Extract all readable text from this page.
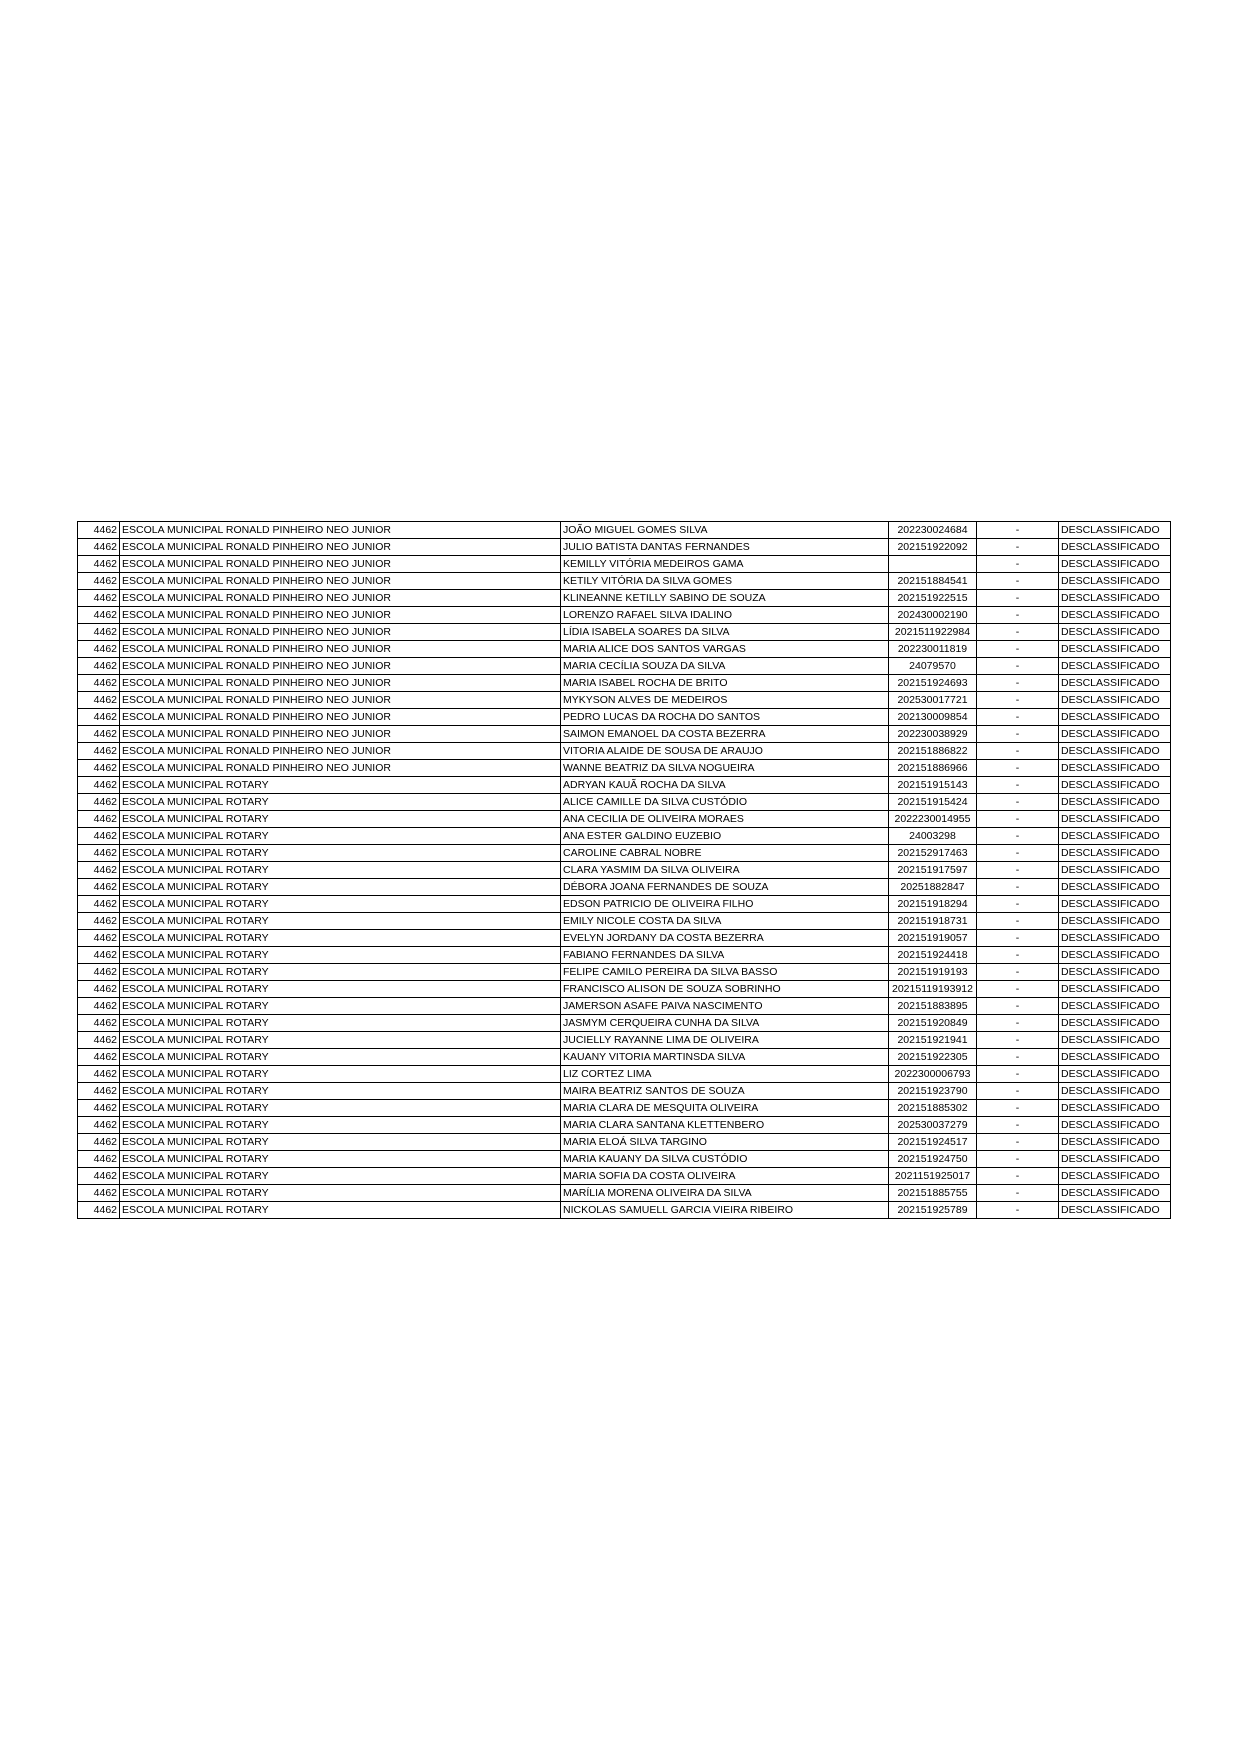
4462	ESCOLA MUNICIPAL RONALD PINHEIRO NEO JUNIOR	JOÃO MIGUEL GOMES SILVA	202230024684	-	DESCLASSIFICADO
4462	ESCOLA MUNICIPAL RONALD PINHEIRO NEO JUNIOR	JULIO BATISTA DANTAS FERNANDES	202151922092	-	DESCLASSIFICADO
4462	ESCOLA MUNICIPAL RONALD PINHEIRO NEO JUNIOR	KEMILLY VITÓRIA MEDEIROS GAMA		-	DESCLASSIFICADO
4462	ESCOLA MUNICIPAL RONALD PINHEIRO NEO JUNIOR	KETILY VITÓRIA DA SILVA GOMES	202151884541	-	DESCLASSIFICADO
4462	ESCOLA MUNICIPAL RONALD PINHEIRO NEO JUNIOR	KLINEANNE KETILLY SABINO DE SOUZA	202151922515	-	DESCLASSIFICADO
4462	ESCOLA MUNICIPAL RONALD PINHEIRO NEO JUNIOR	LORENZO RAFAEL SILVA IDALINO	202430002190	-	DESCLASSIFICADO
4462	ESCOLA MUNICIPAL RONALD PINHEIRO NEO JUNIOR	LÍDIA ISABELA SOARES DA SILVA	2021511922984	-	DESCLASSIFICADO
4462	ESCOLA MUNICIPAL RONALD PINHEIRO NEO JUNIOR	MARIA ALICE DOS SANTOS VARGAS	202230011819	-	DESCLASSIFICADO
4462	ESCOLA MUNICIPAL RONALD PINHEIRO NEO JUNIOR	MARIA CECÍLIA SOUZA DA SILVA	24079570	-	DESCLASSIFICADO
4462	ESCOLA MUNICIPAL RONALD PINHEIRO NEO JUNIOR	MARIA ISABEL ROCHA DE BRITO	202151924693	-	DESCLASSIFICADO
4462	ESCOLA MUNICIPAL RONALD PINHEIRO NEO JUNIOR	MYKYSON ALVES DE MEDEIROS	202530017721	-	DESCLASSIFICADO
4462	ESCOLA MUNICIPAL RONALD PINHEIRO NEO JUNIOR	PEDRO LUCAS DA ROCHA DO SANTOS	202130009854	-	DESCLASSIFICADO
4462	ESCOLA MUNICIPAL RONALD PINHEIRO NEO JUNIOR	SAIMON EMANOEL DA COSTA BEZERRA	202230038929	-	DESCLASSIFICADO
4462	ESCOLA MUNICIPAL RONALD PINHEIRO NEO JUNIOR	VITORIA ALAIDE DE SOUSA DE ARAUJO	202151886822	-	DESCLASSIFICADO
4462	ESCOLA MUNICIPAL RONALD PINHEIRO NEO JUNIOR	WANNE BEATRIZ DA SILVA NOGUEIRA	202151886966	-	DESCLASSIFICADO
4462	ESCOLA MUNICIPAL ROTARY	ADRYAN KAUÃ ROCHA DA SILVA	202151915143	-	DESCLASSIFICADO
4462	ESCOLA MUNICIPAL ROTARY	ALICE CAMILLE DA SILVA CUSTÓDIO	202151915424	-	DESCLASSIFICADO
4462	ESCOLA MUNICIPAL ROTARY	ANA CECILIA DE OLIVEIRA MORAES	2022230014955	-	DESCLASSIFICADO
4462	ESCOLA MUNICIPAL ROTARY	ANA ESTER GALDINO EUZEBIO	24003298	-	DESCLASSIFICADO
4462	ESCOLA MUNICIPAL ROTARY	CAROLINE CABRAL NOBRE	202152917463	-	DESCLASSIFICADO
4462	ESCOLA MUNICIPAL ROTARY	CLARA YASMIM DA SILVA OLIVEIRA	202151917597	-	DESCLASSIFICADO
4462	ESCOLA MUNICIPAL ROTARY	DÉBORA JOANA FERNANDES DE SOUZA	20251882847	-	DESCLASSIFICADO
4462	ESCOLA MUNICIPAL ROTARY	EDSON PATRICIO DE OLIVEIRA FILHO	202151918294	-	DESCLASSIFICADO
4462	ESCOLA MUNICIPAL ROTARY	EMILY NICOLE COSTA DA SILVA	202151918731	-	DESCLASSIFICADO
4462	ESCOLA MUNICIPAL ROTARY	EVELYN JORDANY DA COSTA BEZERRA	202151919057	-	DESCLASSIFICADO
4462	ESCOLA MUNICIPAL ROTARY	FABIANO FERNANDES DA SILVA	202151924418	-	DESCLASSIFICADO
4462	ESCOLA MUNICIPAL ROTARY	FELIPE CAMILO PEREIRA DA SILVA BASSO	202151919193	-	DESCLASSIFICADO
4462	ESCOLA MUNICIPAL ROTARY	FRANCISCO ALISON DE SOUZA SOBRINHO	20215119193912	-	DESCLASSIFICADO
4462	ESCOLA MUNICIPAL ROTARY	JAMERSON ASAFE PAIVA NASCIMENTO	202151883895	-	DESCLASSIFICADO
4462	ESCOLA MUNICIPAL ROTARY	JASMYM CERQUEIRA CUNHA DA SILVA	202151920849	-	DESCLASSIFICADO
4462	ESCOLA MUNICIPAL ROTARY	JUCIELLY RAYANNE LIMA DE OLIVEIRA	202151921941	-	DESCLASSIFICADO
4462	ESCOLA MUNICIPAL ROTARY	KAUANY VITORIA MARTINSDA SILVA	202151922305	-	DESCLASSIFICADO
4462	ESCOLA MUNICIPAL ROTARY	LIZ CORTEZ LIMA	2022300006793	-	DESCLASSIFICADO
4462	ESCOLA MUNICIPAL ROTARY	MAIRA BEATRIZ SANTOS DE SOUZA	202151923790	-	DESCLASSIFICADO
4462	ESCOLA MUNICIPAL ROTARY	MARIA CLARA DE MESQUITA OLIVEIRA	202151885302	-	DESCLASSIFICADO
4462	ESCOLA MUNICIPAL ROTARY	MARIA CLARA SANTANA KLETTENBERO	202530037279	-	DESCLASSIFICADO
4462	ESCOLA MUNICIPAL ROTARY	MARIA ELOÁ SILVA TARGINO	202151924517	-	DESCLASSIFICADO
4462	ESCOLA MUNICIPAL ROTARY	MARIA KAUANY DA SILVA CUSTÓDIO	202151924750	-	DESCLASSIFICADO
4462	ESCOLA MUNICIPAL ROTARY	MARIA SOFIA DA COSTA OLIVEIRA	2021151925017	-	DESCLASSIFICADO
4462	ESCOLA MUNICIPAL ROTARY	MARÍLIA MORENA OLIVEIRA DA SILVA	202151885755	-	DESCLASSIFICADO
4462	ESCOLA MUNICIPAL ROTARY	NICKOLAS SAMUELL GARCIA VIEIRA RIBEIRO	202151925789	-	DESCLASSIFICADO
